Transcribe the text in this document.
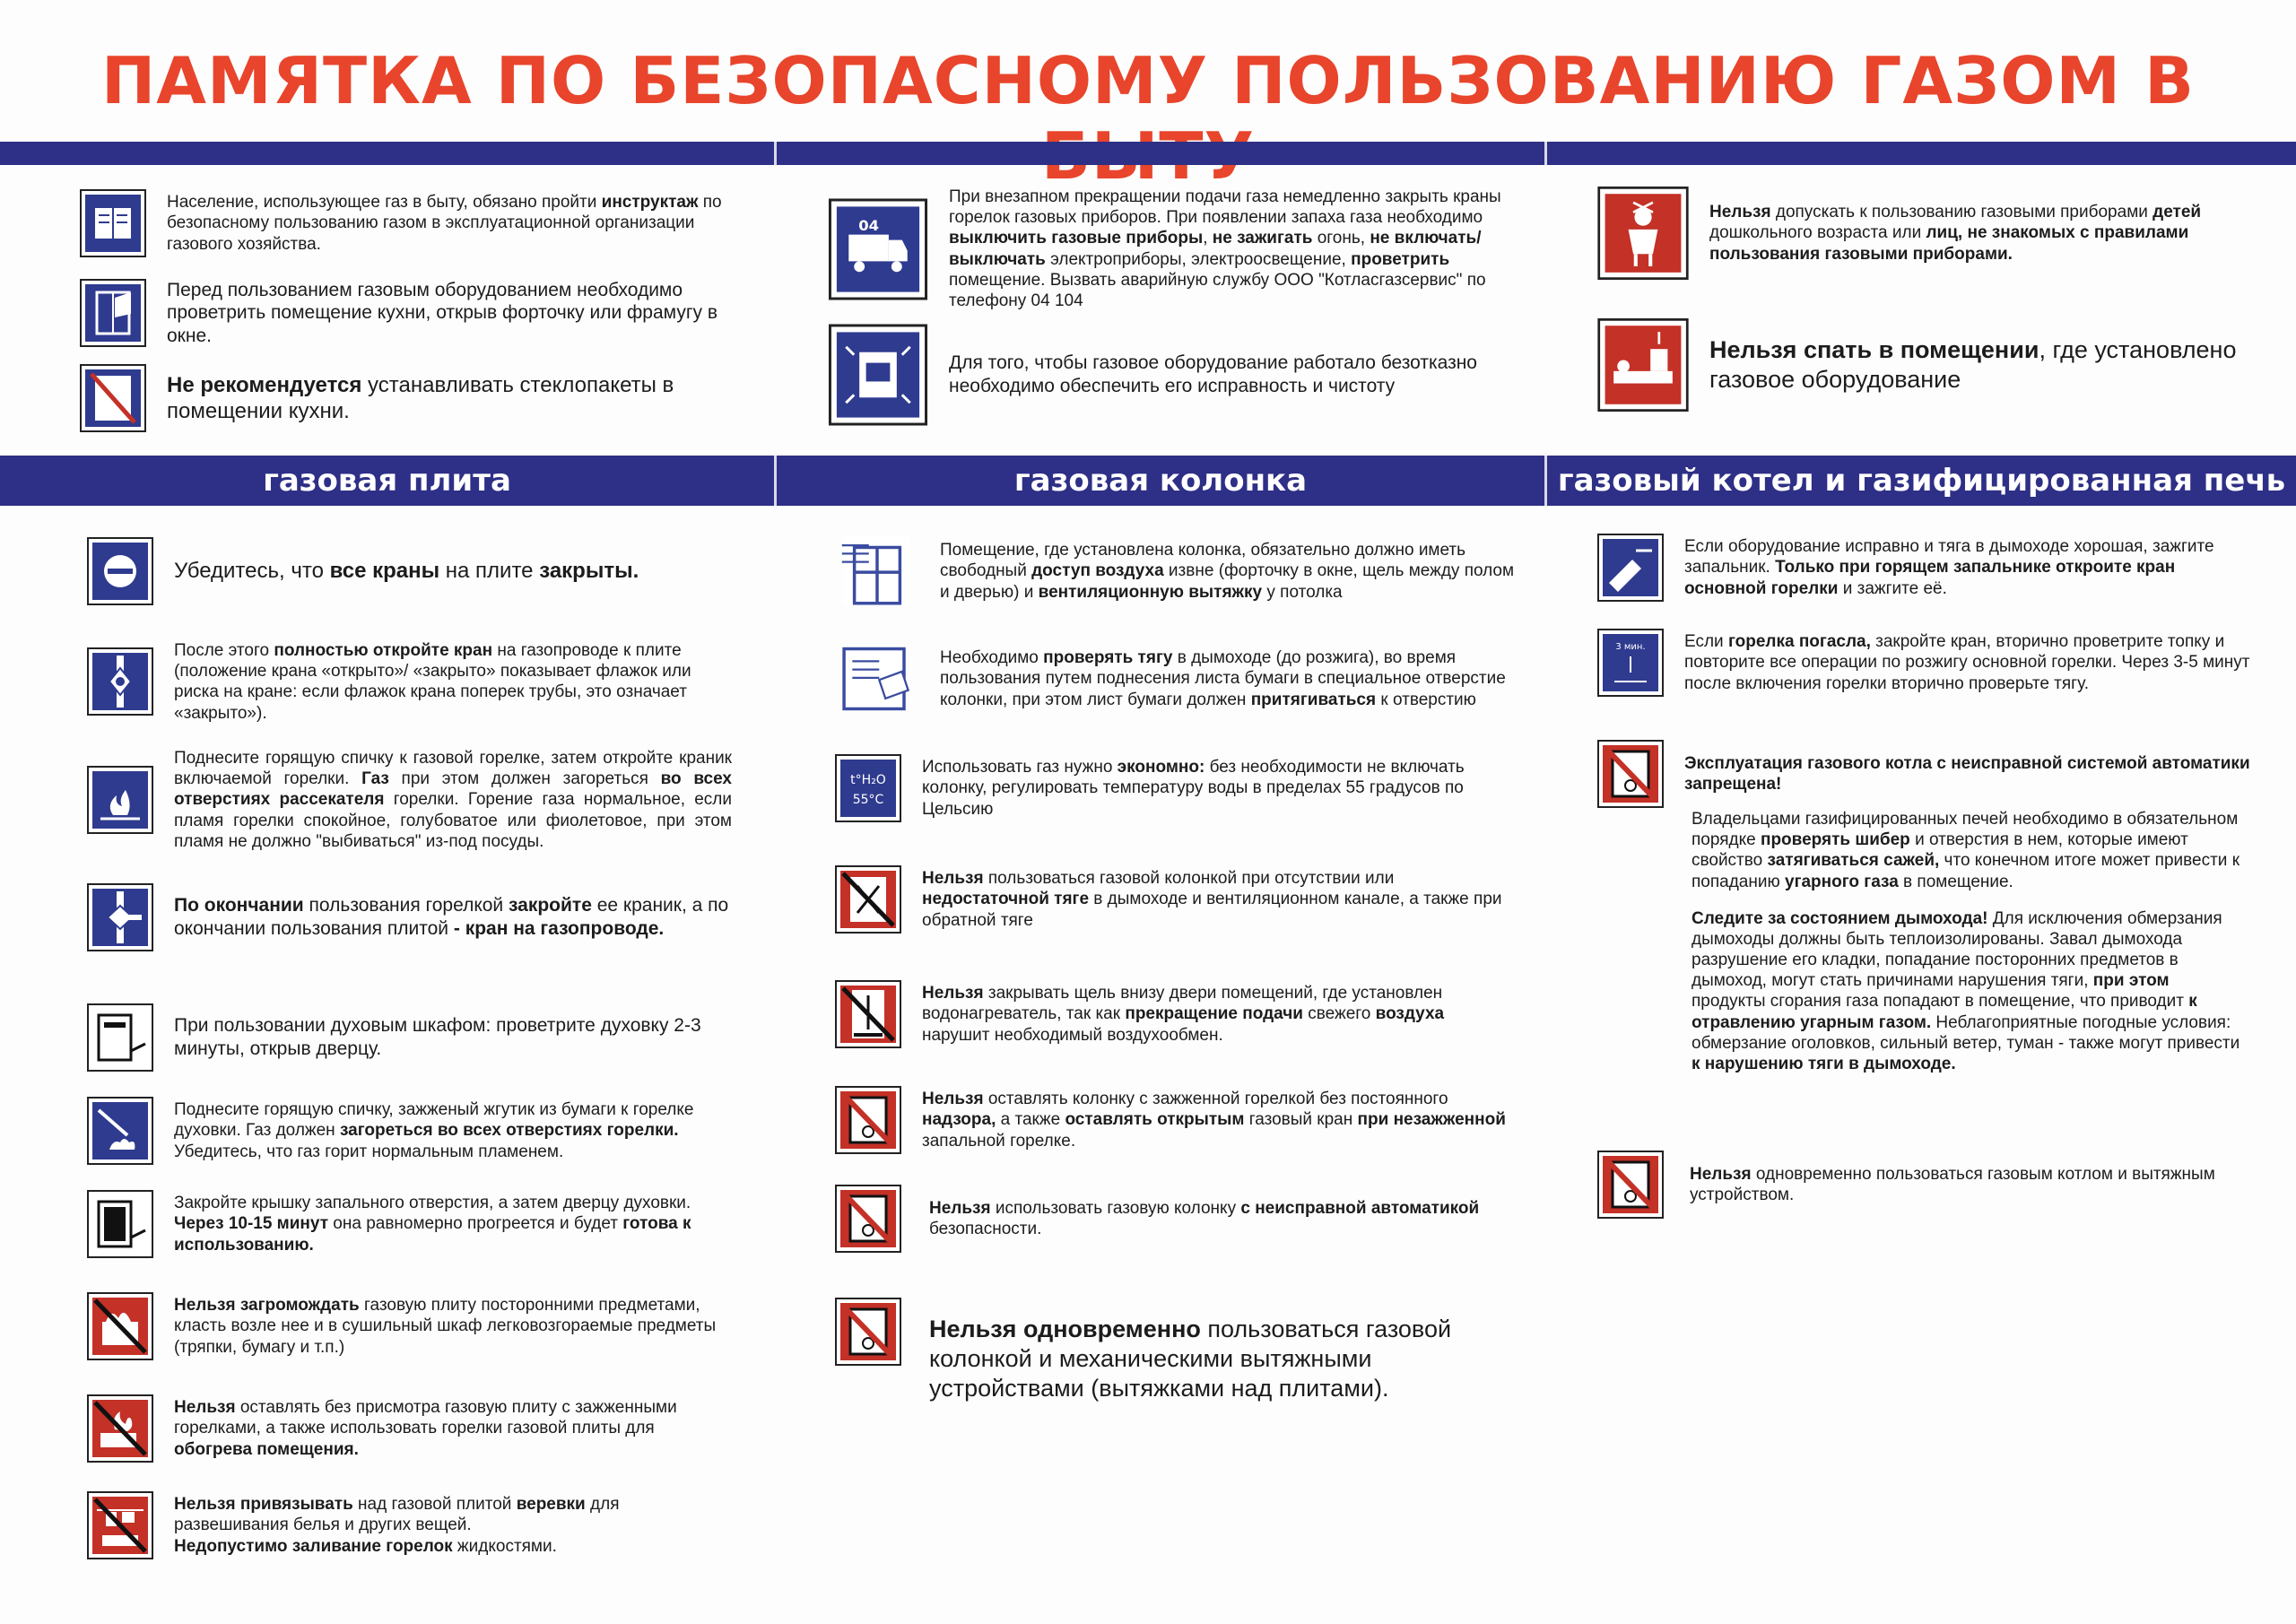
ПАМЯТКА ПО БЕЗОПАСНОМУ ПОЛЬЗОВАНИЮ ГАЗОМ В
газовая плита	газовая колонка	газовый котел и газифицированная печь
Население, использующее газ в быту, обязано пройти инструктаж по безопасному пользованию газом в эксплуатационной организации газового хозяйства.
Перед пользованием газовым оборудованием необходимо проветрить помещение кухни, открыв форточку или фрамугу в окне.
Не рекомендуется устанавливать стеклопакеты в помещении кухни.
04
При внезапном прекращении подачи газа немедленно закрыть краны горелок газовых приборов. При появлении запаха газа необходимо выключить газовые приборы, не зажигать огонь, не включать/выключать электроприборы, электроосвещение, проветрить помещение. Вызвать аварийную службу ООО "Котласгазсервис" по телефону 04 104
Для того, чтобы газовое оборудование работало безотказно необходимо обеспечить его исправность и чистоту
Нельзя допускать к пользованию газовыми приборами детей дошкольного возраста или лиц, не знакомых с правилами пользования газовыми приборами.
Нельзя спать в помещении, где установлено газовое оборудование
Убедитесь, что все краны на плите закрыты.
После этого полностью откройте кран на газопроводе к плите (положение крана «открыто»/ «закрыто» показывает флажок или риска на кране: если флажок крана поперек трубы, это означает «закрыто»).
Поднесите горящую спичку к газовой горелке, затем откройте краник включаемой горелки. Газ при этом должен загореться во всех отверстиях рассекателя горелки. Горение газа нормальное, если пламя горелки спокойное, голубоватое или фиолетовое, при этом пламя не должно "выбиваться" из-под посуды.
По окончании пользования горелкой закройте ее краник, а по окончании пользования плитой - кран на газопроводе.
При пользовании духовым шкафом: проветрите духовку 2-3 минуты, открыв дверцу.
Поднесите горящую спичку, зажженый жгутик из бумаги к горелке духовки. Газ должен загореться во всех отверстиях горелки. Убедитесь, что газ горит нормальным пламенем.
Закройте крышку запального отверстия, а затем дверцу духовки. Через 10-15 минут она равномерно прогреется и будет готова к использованию.
Нельзя загромождать газовую плиту посторонними предметами, класть возле нее и в сушильный шкаф легковозгораемые предметы (тряпки, бумагу и т.п.)
Нельзя оставлять без присмотра газовую плиту с зажженными горелками, а также использовать горелки газовой плиты для обогрева помещения.
Нельзя привязывать над газовой плитой веревки для развешивания белья и других вещей.
Недопустимо заливание горелок жидкостями.
Помещение, где установлена колонка, обязательно должно иметь свободный доступ воздуха извне (форточку в окне, щель между полом и дверью) и вентиляционную вытяжку у потолка
Необходимо проверять тягу в дымоходе (до розжига), во время пользования путем поднесения листа бумаги в специальное отверстие колонки, при этом лист бумаги должен притягиваться к отверстию
t°H₂O
55°C
Использовать газ нужно экономно: без необходимости не включать колонку, регулировать температуру воды в пределах 55 градусов по Цельсию
Нельзя пользоваться газовой колонкой при отсутствии или недостаточной тяге в дымоходе и вентиляционном канале, а также при обратной тяге
Нельзя закрывать щель внизу двери помещений, где установлен водонагреватель, так как прекращение подачи свежего воздуха нарушит необходимый воздухообмен.
Нельзя оставлять колонку с зажженной горелкой без постоянного надзора, а также оставлять открытым газовый кран при незажженной запальной горелке.
Нельзя использовать газовую колонку с неисправной автоматикой безопасности.
Нельзя одновременно пользоваться газовой колонкой и механическими вытяжными устройствами (вытяжками над плитами).
Если оборудование исправно и тяга в дымоходе хорошая, зажгите запальник. Только при горящем запальнике откроите кран основной горелки и зажгите её.
3 мин. Если горелка погасла, закройте кран, вторично проветрите топку и повторите все операции по розжигу основной горелки. Через 3-5 минут после включения горелки вторично проверьте тягу.
Эксплуатация газового котла с неисправной системой автоматики запрещена!

Владельцами газифицированных печей необходимо в обязательном порядке проверять шибер и отверстия в нем, которые имеют свойство затягиваться сажей, что конечном итоге может привести к попаданию угарного газа в помещение.

Следите за состоянием дымохода! Для исключения обмерзания дымоходы должны быть теплоизолированы. Завал дымохода разрушение его кладки, попадание посторонних предметов в дымоход, могут стать причинами нарушения тяги, при этом продукты сгорания газа попадают в помещение, что приводит к отравлению угарным газом. Неблагоприятные погодные условия: обмерзание оголовков, сильный ветер, туман - также могут привести к нарушению тяги в дымоходе.

Нельзя одновременно пользоваться газовым котлом и вытяжным устройством.
